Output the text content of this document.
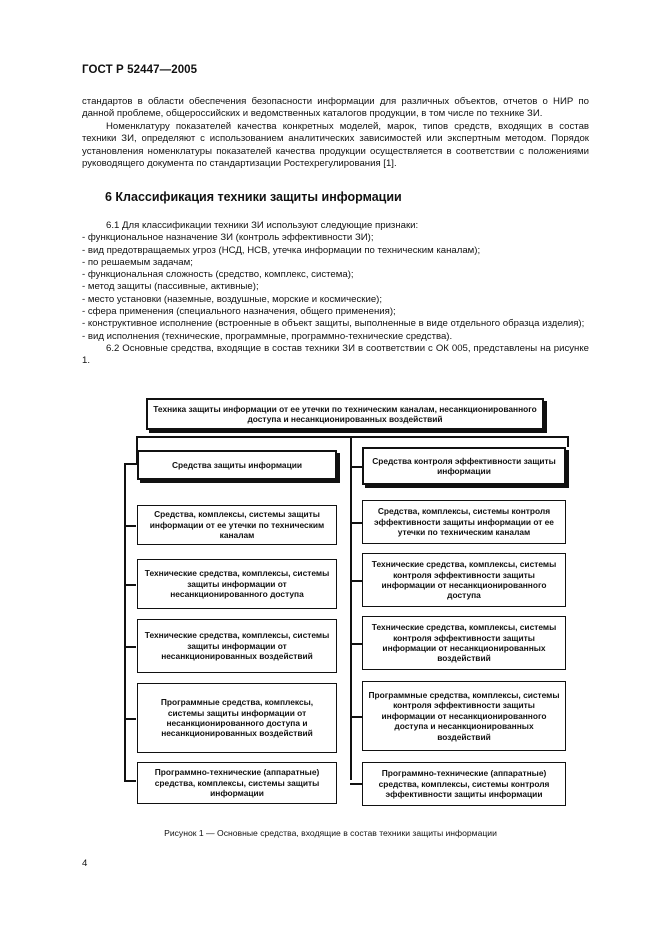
ГОСТ Р 52447—2005
стандартов в области обеспечения безопасности информации для различных объектов, отчетов о НИР по данной проблеме, общероссийских и ведомственных каталогов продукции, в том числе по технике ЗИ.
Номенклатуру показателей качества конкретных моделей, марок, типов средств, входящих в состав техники ЗИ, определяют с использованием аналитических зависимостей или экспертным методом. Порядок установления номенклатуры показателей качества продукции осуществляется в соответствии с положениями руководящего документа по стандартизации Ростехрегулирования [1].
6 Классификация техники защиты информации
6.1 Для классификации техники ЗИ используют следующие признаки:
- функциональное назначение ЗИ (контроль эффективности ЗИ);
- вид предотвращаемых угроз (НСД, НСВ, утечка информации по техническим каналам);
- по решаемым задачам;
- функциональная сложность (средство, комплекс, система);
- метод защиты (пассивные, активные);
- место установки (наземные, воздушные, морские и космические);
- сфера применения (специального назначения, общего применения);
- конструктивное исполнение (встроенные в объект защиты, выполненные в виде отдельного образца изделия);
- вид исполнения (технические, программные, программно-технические средства).
6.2 Основные средства, входящие в состав техники ЗИ в соответствии с ОК 005, представлены на рисунке 1.
Техника защиты информации от ее утечки по техническим каналам, несанкционированного доступа и несанкционированных воздействий
Средства защиты информации
Средства, комплексы, системы защиты информации от ее утечки по техническим каналам
Технические средства, комплексы, системы защиты информации от несанкционированного доступа
Технические средства, комплексы, системы защиты информации от несанкционированных воздействий
Программные средства, комплексы, системы защиты информации от несанкционированного доступа и несанкционированных воздействий
Программно-технические (аппаратные) средства, комплексы, системы защиты информации
Средства контроля эффективности защиты информации
Средства, комплексы, системы контроля эффективности защиты информации от ее утечки по техническим каналам
Технические средства, комплексы, системы контроля эффективности защиты информации от несанкционированного доступа
Технические средства, комплексы, системы контроля эффективности защиты информации от несанкционированных воздействий
Программные средства, комплексы, системы контроля эффективности защиты информации от несанкционированного доступа и несанкционированных воздействий
Программно-технические (аппаратные) средства, комплексы, системы контроля эффективности защиты информации
Рисунок 1 — Основные средства, входящие в состав техники защиты информации
4
